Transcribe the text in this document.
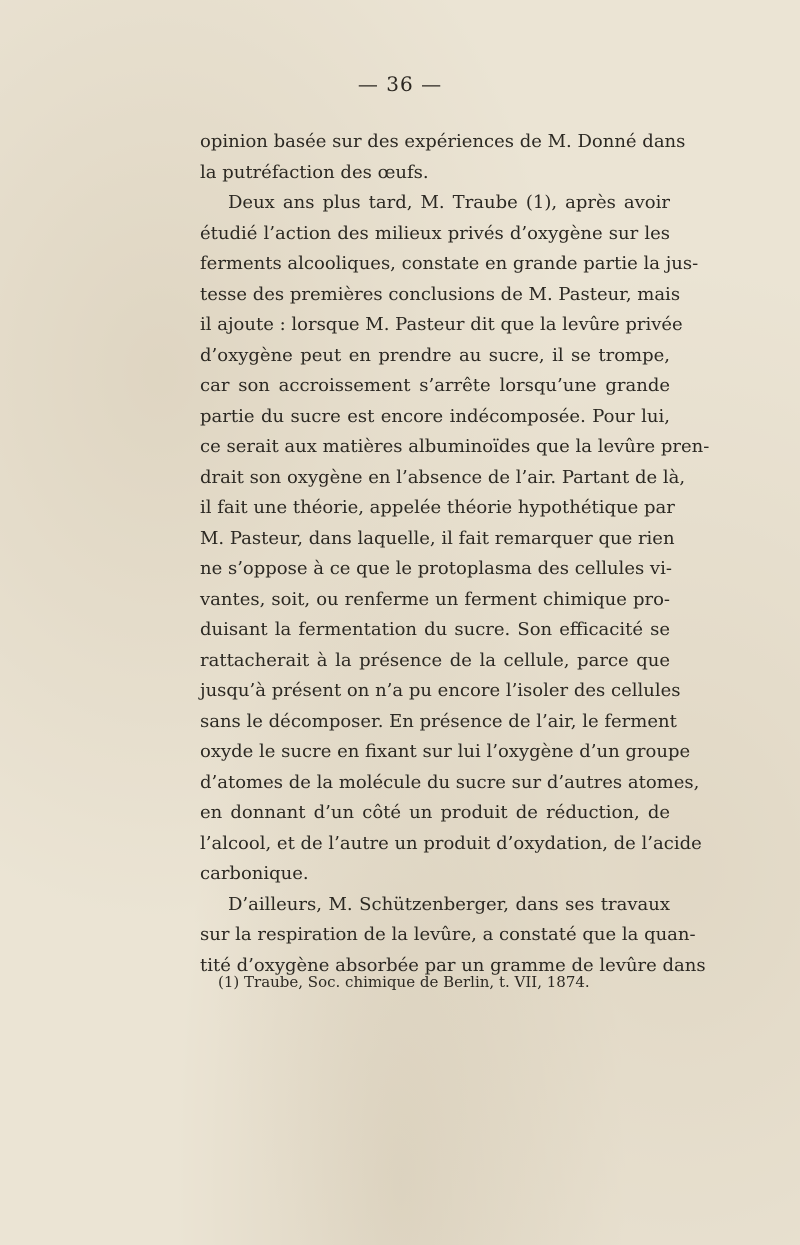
— 36 —
opinion basée sur des expériences de M. Donné dans
la putréfaction des œufs.
Deux ans plus tard, M. Traube (1), après avoir
étudié l’action des milieux privés d’oxygène sur les
ferments alcooliques, constate en grande partie la jus-
tesse des premières conclusions de M. Pasteur, mais
il ajoute : lorsque M. Pasteur dit que la levûre privée
d’oxygène peut en prendre au sucre, il se trompe,
car son accroissement s’arrête lorsqu’une grande
partie du sucre est encore indécomposée. Pour lui,
ce serait aux matières albuminoïdes que la levûre pren-
drait son oxygène en l’absence de l’air. Partant de là,
il fait une théorie, appelée théorie hypothétique par
M. Pasteur, dans laquelle, il fait remarquer que rien
ne s’oppose à ce que le protoplasma des cellules vi-
vantes, soit, ou renferme un ferment chimique pro-
duisant la fermentation du sucre. Son efficacité se
rattacherait à la présence de la cellule, parce que
jusqu’à présent on n’a pu encore l’isoler des cellules
sans le décomposer. En présence de l’air, le ferment
oxyde le sucre en fixant sur lui l’oxygène d’un groupe
d’atomes de la molécule du sucre sur d’autres atomes,
en donnant d’un côté un produit de réduction, de
l’alcool, et de l’autre un produit d’oxydation, de l’acide
carbonique.
D’ailleurs, M. Schützenberger, dans ses travaux
sur la respiration de la levûre, a constaté que la quan-
tité d’oxygène absorbée par un gramme de levûre dans
(1) Traube, Soc. chimique de Berlin, t. VII, 1874.
